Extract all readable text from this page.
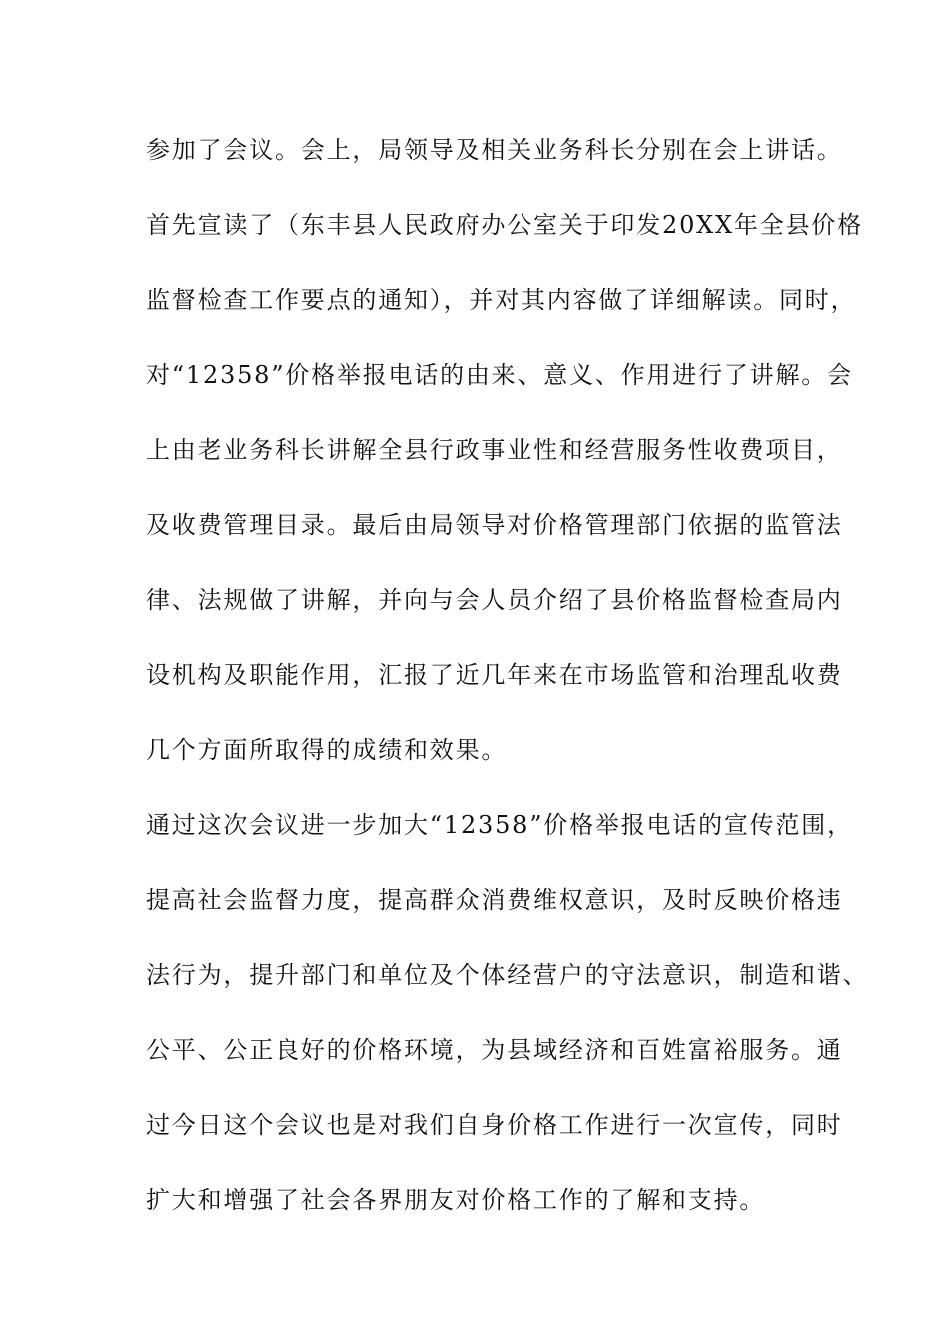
参加了会议。会上，局领导及相关业务科长分别在会上讲话。
首先宣读了（东丰县人民政府办公室关于印发20XX年全县价格
监督检查工作要点的通知），并对其内容做了详细解读。同时，
对“12358”价格举报电话的由来、意义、作用进行了讲解。会
上由老业务科长讲解全县行政事业性和经营服务性收费项目，
及收费管理目录。最后由局领导对价格管理部门依据的监管法
律、法规做了讲解，并向与会人员介绍了县价格监督检查局内
设机构及职能作用，汇报了近几年来在市场监管和治理乱收费
几个方面所取得的成绩和效果。
通过这次会议进一步加大“12358”价格举报电话的宣传范围，
提高社会监督力度，提高群众消费维权意识，及时反映价格违
法行为，提升部门和单位及个体经营户的守法意识，制造和谐、
公平、公正良好的价格环境，为县域经济和百姓富裕服务。通
过今日这个会议也是对我们自身价格工作进行一次宣传，同时
扩大和增强了社会各界朋友对价格工作的了解和支持。
